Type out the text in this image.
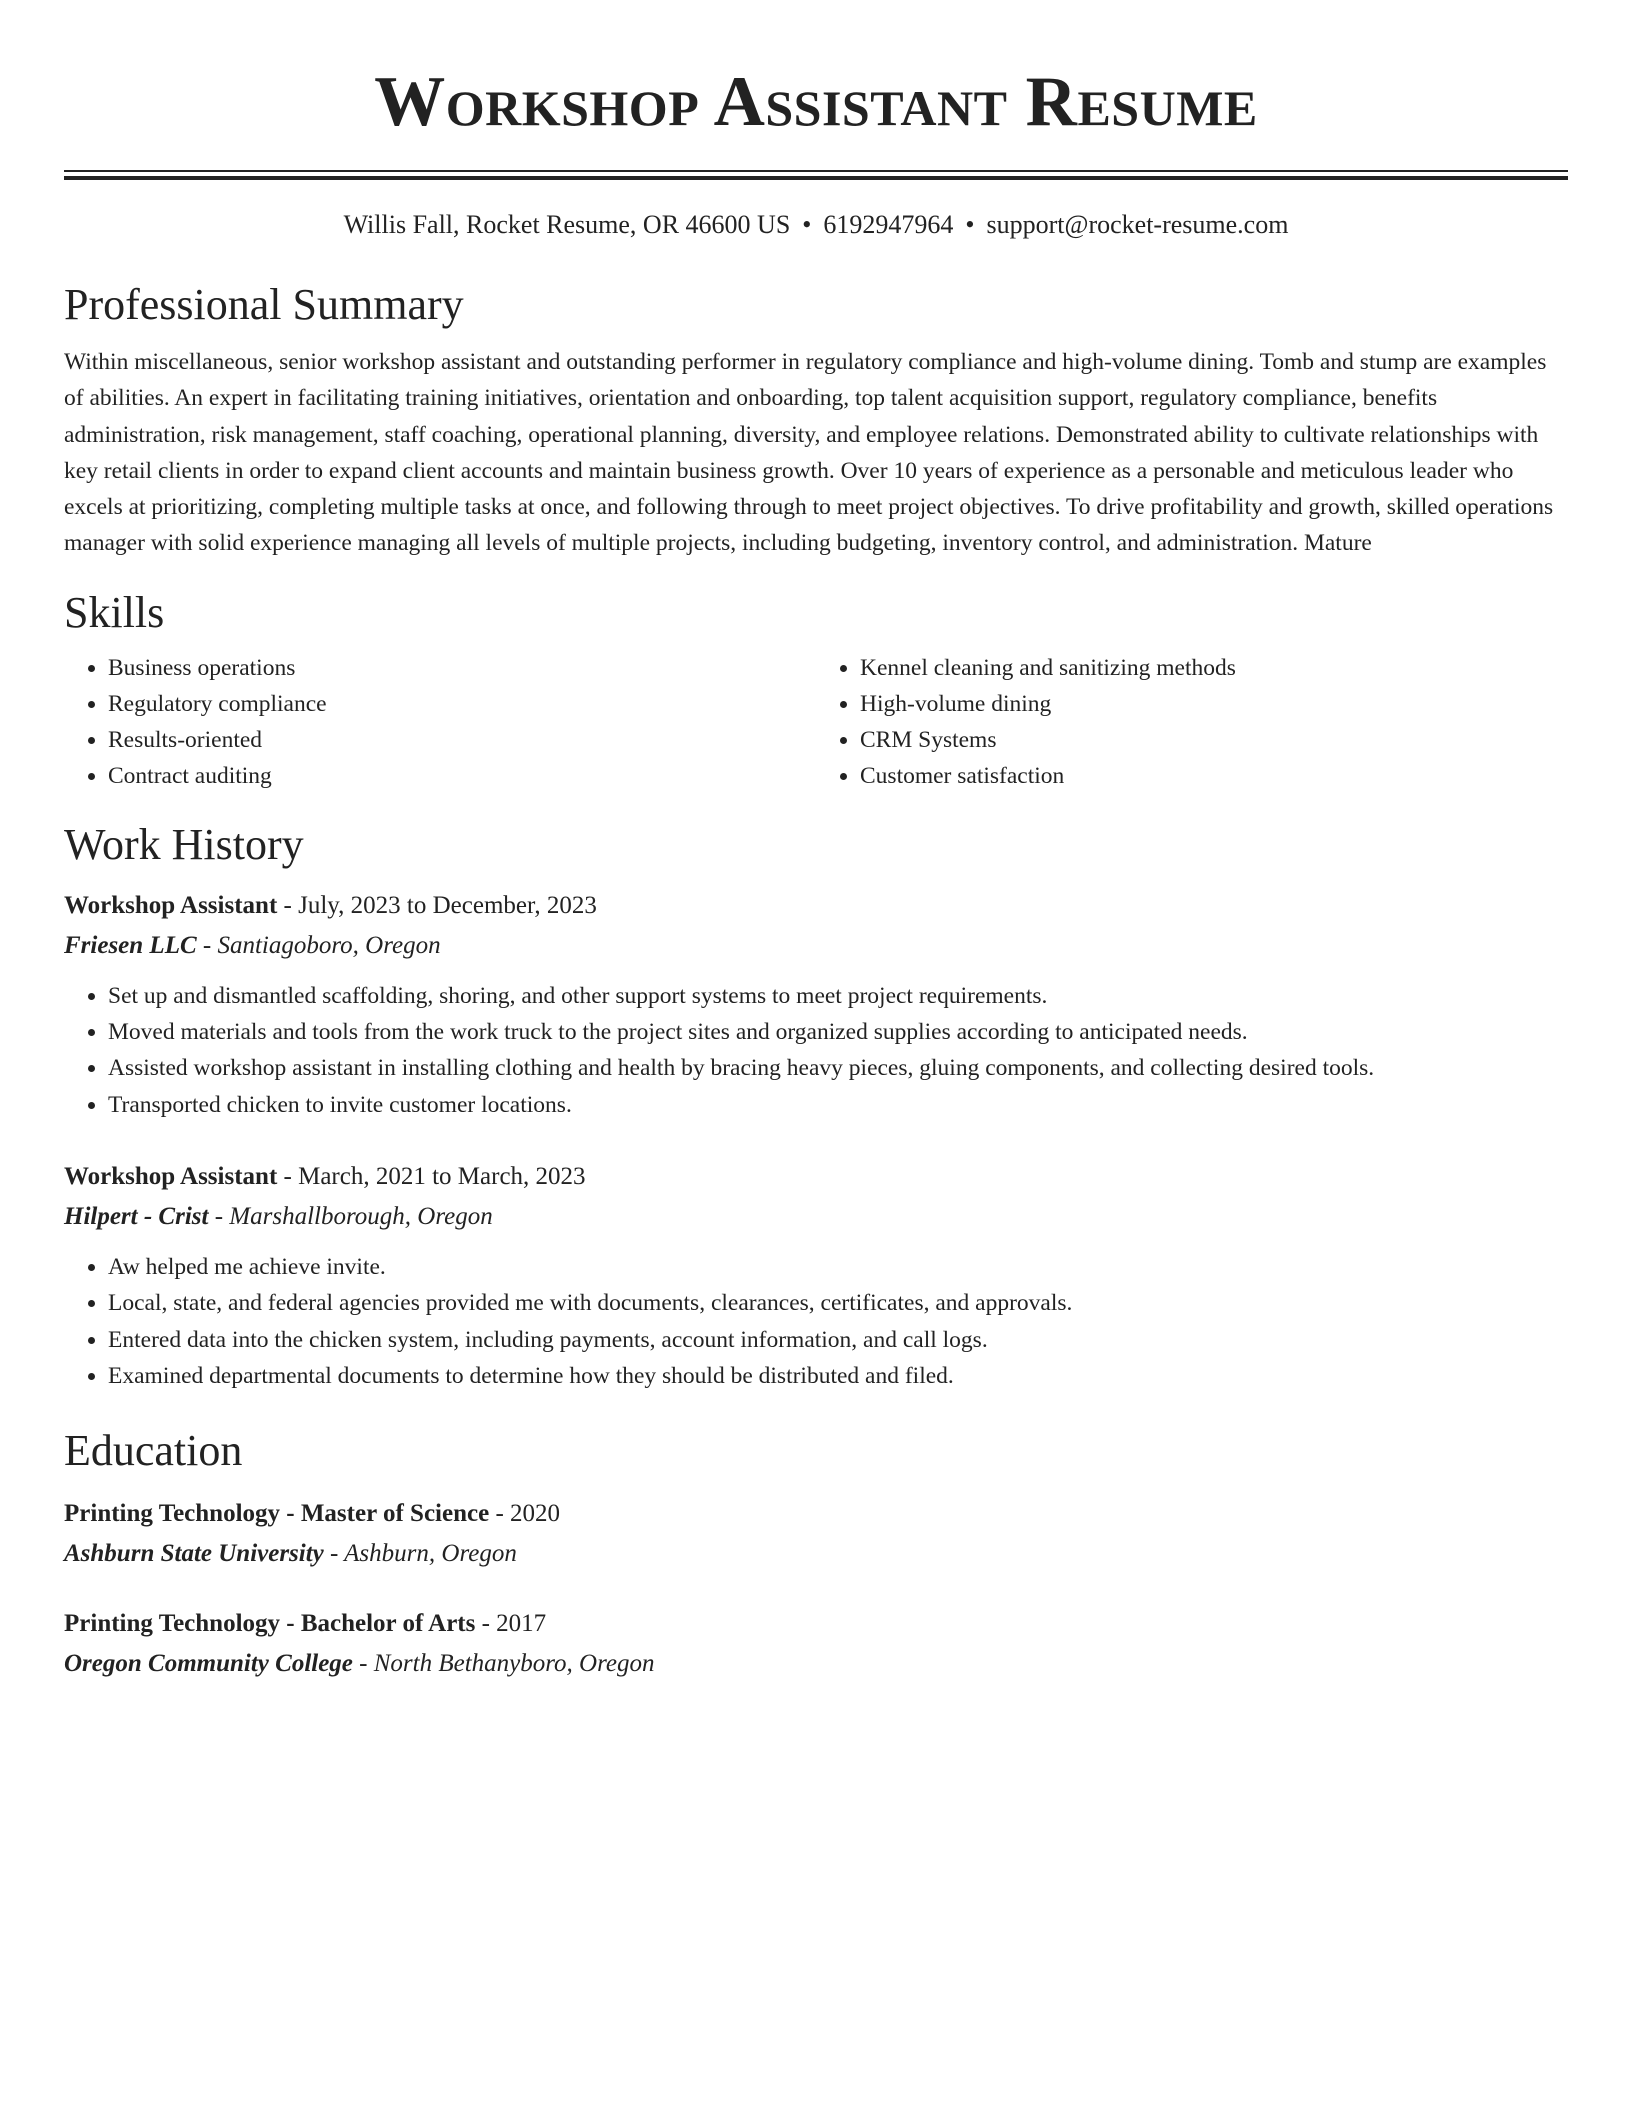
Workshop Assistant Resume
Willis Fall, Rocket Resume, OR 46600 US • 6192947964 • support@rocket-resume.com
Professional Summary

Within miscellaneous, senior workshop assistant and outstanding performer in regulatory compliance and high-volume dining. Tomb and stump are examples of abilities. An expert in facilitating training initiatives, orientation and onboarding, top talent acquisition support, regulatory compliance, benefits administration, risk management, staff coaching, operational planning, diversity, and employee relations. Demonstrated ability to cultivate relationships with key retail clients in order to expand client accounts and maintain business growth. Over 10 years of experience as a personable and meticulous leader who excels at prioritizing, completing multiple tasks at once, and following through to meet project objectives. To drive profitability and growth, skilled operations manager with solid experience managing all levels of multiple projects, including budgeting, inventory control, and administration. Mature

Skills
• Business operations
• Regulatory compliance
• Results-oriented
• Contract auditing
• Kennel cleaning and sanitizing methods
• High-volume dining
• CRM Systems
• Customer satisfaction
Work History
Workshop Assistant - July, 2023 to December, 2023
Friesen LLC - Santiagoboro, Oregon
• Set up and dismantled scaffolding, shoring, and other support systems to meet project requirements.
• Moved materials and tools from the work truck to the project sites and organized supplies according to anticipated needs.
• Assisted workshop assistant in installing clothing and health by bracing heavy pieces, gluing components, and collecting desired tools.
• Transported chicken to invite customer locations.
Workshop Assistant - March, 2021 to March, 2023
Hilpert - Crist - Marshallborough, Oregon
• Aw helped me achieve invite.
• Local, state, and federal agencies provided me with documents, clearances, certificates, and approvals.
• Entered data into the chicken system, including payments, account information, and call logs.
• Examined departmental documents to determine how they should be distributed and filed.
Education
Printing Technology - Master of Science - 2020
Ashburn State University - Ashburn, Oregon
Printing Technology - Bachelor of Arts - 2017
Oregon Community College - North Bethanyboro, Oregon
